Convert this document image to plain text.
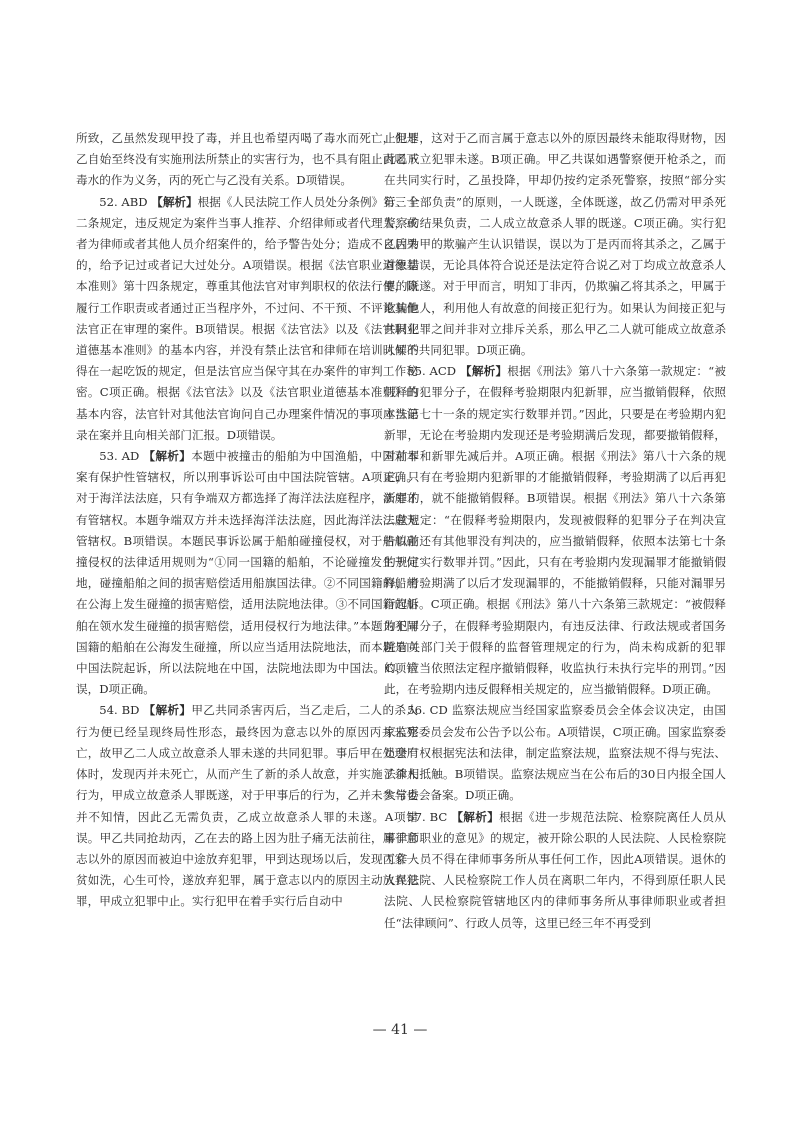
所致，乙虽然发现甲投了毒，并且也希望丙喝了毒水而死亡，但是乙自始至终没有实施刑法所禁止的实害行为，也不具有阻止丙喝下毒水的作为义务，丙的死亡与乙没有关系。D项错误。

52. ABD 【解析】根据《人民法院工作人员处分条例》第三十二条规定，违反规定为案件当事人推荐、介绍律师或者代理人，或者为律师或者其他人员介绍案件的，给予警告处分；造成不良后果的，给予记过或者记大过处分。A项错误。根据《法官职业道德基本准则》第十四条规定，尊重其他法官对审判职权的依法行使，除履行工作职责或者通过正当程序外，不过问、不干预、不评论其他法官正在审理的案件。B项错误。根据《法官法》以及《法官职业道德基本准则》的基本内容，并没有禁止法官和律师在培训时候不得在一起吃饭的规定，但是法官应当保守其在办案件的审判工作秘密。C项正确。根据《法官法》以及《法官职业道德基本准则》的基本内容，法官针对其他法官询问自己办理案件情况的事项应当记录在案并且向相关部门汇报。D项错误。

53. AD 【解析】本题中被撞击的船舶为中国渔船，中国对本案有保护性管辖权，所以刑事诉讼可由中国法院管辖。A项正确。对于海洋法法庭，只有争端双方都选择了海洋法法庭程序，法庭才有管辖权。本题争端双方并未选择海洋法法庭，因此海洋法法庭无管辖权。B项错误。本题民事诉讼属于船舶碰撞侵权，对于船舶碰撞侵权的法律适用规则为“①同一国籍的船舶，不论碰撞发生于何地，碰撞船舶之间的损害赔偿适用船旗国法律。②不同国籍的船舶在公海上发生碰撞的损害赔偿，适用法院地法律。③不同国籍的船舶在领水发生碰撞的损害赔偿，适用侵权行为地法律。”本题为不同国籍的船舶在公海发生碰撞，所以应当适用法院地法，而本题是向中国法院起诉，所以法院地在中国，法院地法即为中国法。C项错误，D项正确。

54. BD 【解析】甲乙共同杀害丙后，当乙走后，二人的杀人行为便已经呈现终局性形态，最终因为意志以外的原因丙并未死亡，故甲乙二人成立故意杀人罪未遂的共同犯罪。事后甲在处理尸体时，发现丙并未死亡，从而产生了新的杀人故意，并实施了杀人行为，甲成立故意杀人罪既遂，对于甲事后的行为，乙并未参与也并不知情，因此乙无需负责，乙成立故意杀人罪的未遂。A项错误。甲乙共同抢劫丙，乙在去的路上因为肚子痛无法前往，属于意志以外的原因而被迫中途放弃犯罪，甲到达现场以后，发现丙家一贫如洗，心生可怜，遂放弃犯罪，属于意志以内的原因主动放弃犯罪，甲成立犯罪中止。实行犯甲在着手实行后自动中

止犯罪，这对于乙而言属于意志以外的原因最终未能取得财物，因此乙成立犯罪未遂。B项正确。甲乙共谋如遇警察便开枪杀之，而在共同实行时，乙虽投降，甲却仍按约定杀死警察，按照“部分实行、全部负责”的原则，一人既遂，全体既遂，故乙仍需对甲杀死警察的结果负责，二人成立故意杀人罪的既遂。C项正确。实行犯乙因为甲的欺骗产生认识错误，误以为丁是丙而将其杀之，乙属于对象错误，无论具体符合说还是法定符合说乙对丁均成立故意杀人罪的既遂。对于甲而言，明知丁非丙，仍欺骗乙将其杀之，甲属于欺骗他人，利用他人有故意的间接正犯行为。如果认为间接正犯与共同犯罪之间并非对立排斥关系，那么甲乙二人就可能成立故意杀人罪的共同犯罪。D项正确。

55. ACD 【解析】根据《刑法》第八十六条第一款规定：“被假释的犯罪分子，在假释考验期限内犯新罪，应当撤销假释，依照本法第七十一条的规定实行数罪并罚。”因此，只要是在考验期内犯新罪，无论在考验期内发现还是考验期满后发现，都要撤销假释，对前罪和新罪先减后并。A项正确。根据《刑法》第八十六条的规定，只有在考验期内犯新罪的才能撤销假释，考验期满了以后再犯新罪的，就不能撤销假释。B项错误。根据《刑法》第八十六条第二款规定：“在假释考验期限内，发现被假释的犯罪分子在判决宣告以前还有其他罪没有判决的，应当撤销假释，依照本法第七十条的规定实行数罪并罚。”因此，只有在考验期内发现漏罪才能撤销假释，考验期满了以后才发现漏罪的，不能撤销假释，只能对漏罪另行起诉。C项正确。根据《刑法》第八十六条第三款规定：“被假释的犯罪分子，在假释考验期限内，有违反法律、行政法规或者国务院有关部门关于假释的监督管理规定的行为，尚未构成新的犯罪的，应当依照法定程序撤销假释，收监执行未执行完毕的刑罚。”因此，在考验期内违反假释相关规定的，应当撤销假释。D项正确。

56. CD 监察法规应当经国家监察委员会全体会议决定，由国家监察委员会发布公告予以公布。A项错误，C项正确。国家监察委员会有权根据宪法和法律，制定监察法规，监察法规不得与宪法、法律相抵触。B项错误。监察法规应当在公布后的30日内报全国人大常委会备案。D项正确。

57. BC 【解析】根据《进一步规范法院、检察院离任人员从事律师职业的意见》的规定，被开除公职的人民法院、人民检察院工作人员不得在律师事务所从事任何工作，因此A项错误。退休的人民法院、人民检察院工作人员在离职二年内，不得到原任职人民法院、人民检察院管辖地区内的律师事务所从事律师职业或者担任“法律顾问”、行政人员等，这里已经三年不再受到

— 41 —
